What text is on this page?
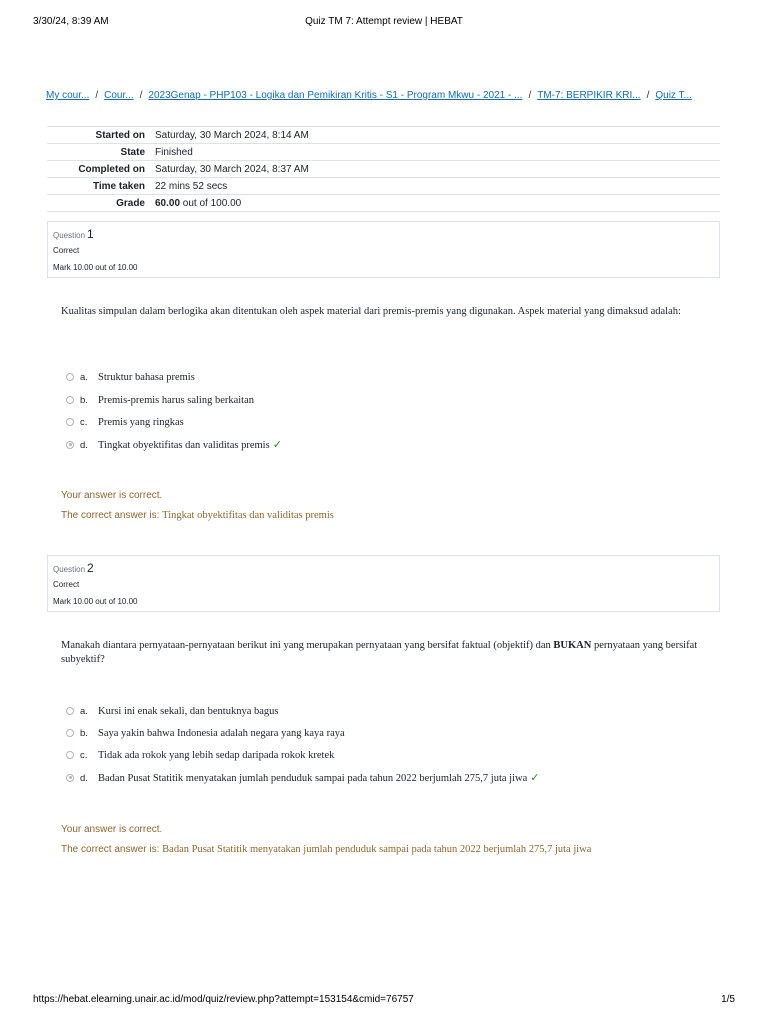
3/30/24, 8:39 AM	Quiz TM 7: Attempt review | HEBAT
My cour... / Cour... / 2023Genap - PHP103 - Logika dan Pemikiran Kritis - S1 - Program Mkwu - 2021 - ... / TM-7: BERPIKIR KRI... / Quiz T...
Started on	Saturday, 30 March 2024, 8:14 AM
State	Finished
Completed on	Saturday, 30 March 2024, 8:37 AM
Time taken	22 mins 52 secs
Grade	60.00 out of 100.00
Question 1
Correct
Mark 10.00 out of 10.00
Kualitas simpulan dalam berlogika akan ditentukan oleh aspek material dari premis-premis yang digunakan. Aspek material yang dimaksud adalah:
a. Struktur bahasa premis
b. Premis-premis harus saling berkaitan
c. Premis yang ringkas
d. Tingkat obyektifitas dan validitas premis ✓
Your answer is correct.
The correct answer is: Tingkat obyektifitas dan validitas premis
Question 2
Correct
Mark 10.00 out of 10.00
Manakah diantara pernyataan-pernyataan berikut ini yang merupakan pernyataan yang bersifat faktual (objektif) dan BUKAN pernyataan yang bersifat subyektif?
a. Kursi ini enak sekali, dan bentuknya bagus
b. Saya yakin bahwa Indonesia adalah negara yang kaya raya
c. Tidak ada rokok yang lebih sedap daripada rokok kretek
d. Badan Pusat Statitik menyatakan jumlah penduduk sampai pada tahun 2022 berjumlah 275,7 juta jiwa ✓
Your answer is correct.
The correct answer is: Badan Pusat Statitik menyatakan jumlah penduduk sampai pada tahun 2022 berjumlah 275,7 juta jiwa
https://hebat.elearning.unair.ac.id/mod/quiz/review.php?attempt=153154&cmid=76757	1/5
